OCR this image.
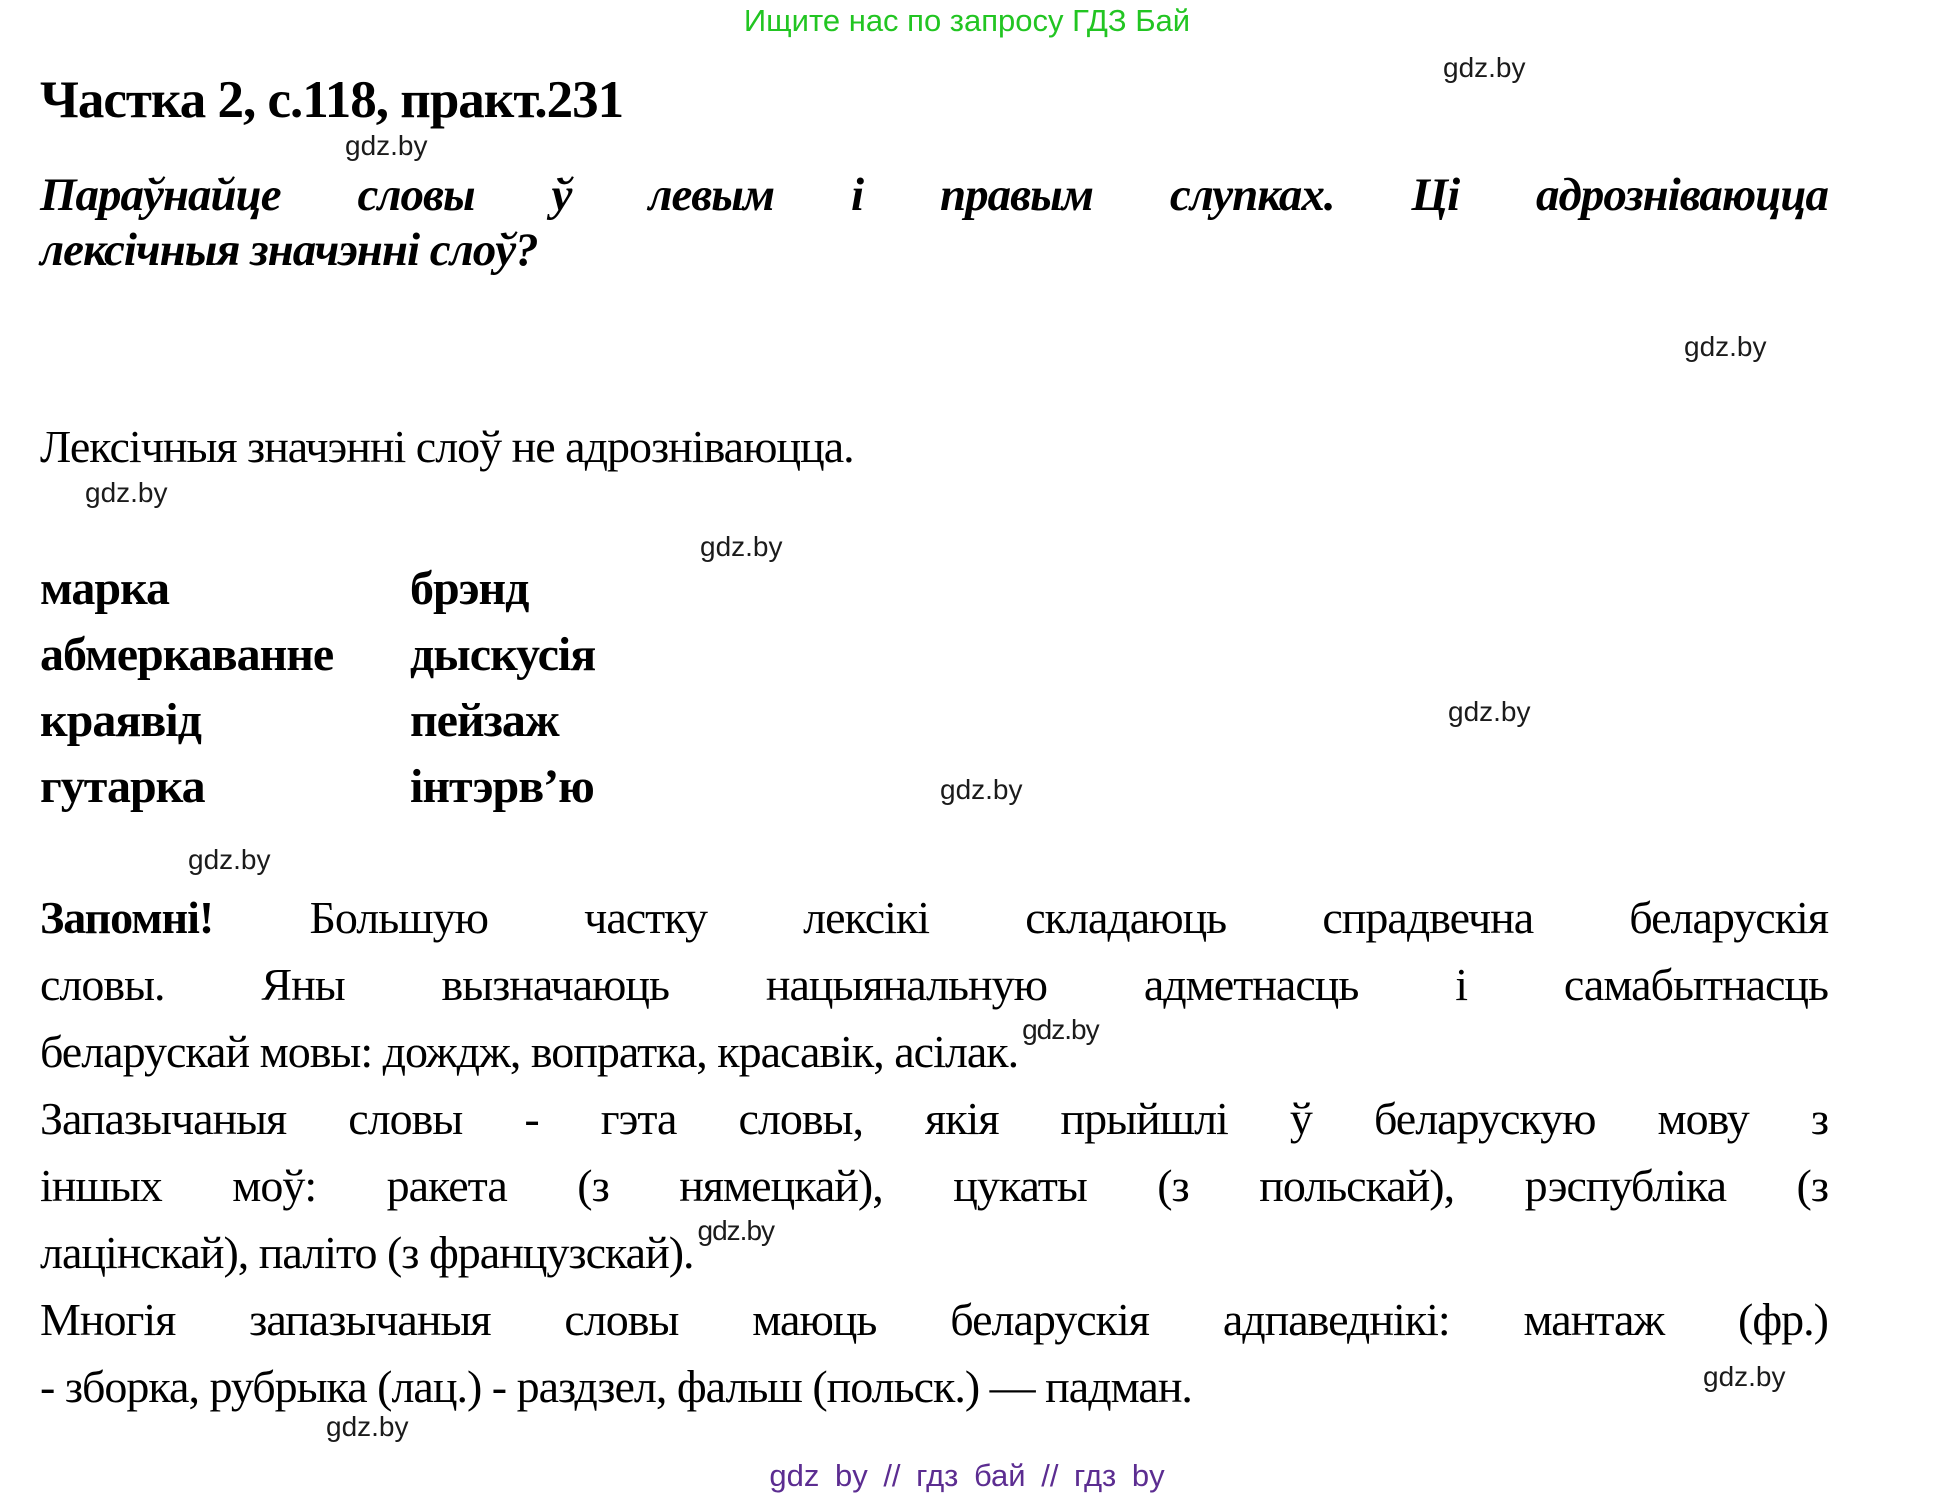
Ищите нас по запросу ГДЗ Бай
gdz.by
gdz.by
gdz.by
gdz.by
gdz.by
gdz.by
gdz.by
gdz.by
gdz.by
gdz.by
Частка 2, с.118, практ.231
Параўнайце словы ў левым і правым слупках. Ці адрозніваюцца
лексічныя значэнні слоў?
Лексічныя значэнні слоў не адрозніваюцца.
марка	брэнд
абмеркаванне	дыскусія
краявід	пейзаж
гутарка	інтэрв’ю
Запомні! Большую частку лексікі складаюць спрадвечна беларускія
словы. Яны вызначаюць нацыянальную адметнасць і самабытнасць
беларускай мовы: дождж, вопратка, красавік, асілак. $^{gdz.by}$
Запазычаныя словы - гэта словы, якія прыйшлі ў беларускую мову з
іншых моў: ракета (з нямецкай), цукаты (з польскай), рэспубліка (з
лацінскай), паліто (з французскай). $^{gdz.by}$
Многія запазычаныя словы маюць беларускія адпаведнікі: мантаж (фр.)
- зборка, рубрыка (лац.) - раздзел, фальш (польск.) — падман.
gdz by // гдз бай // гдз by
